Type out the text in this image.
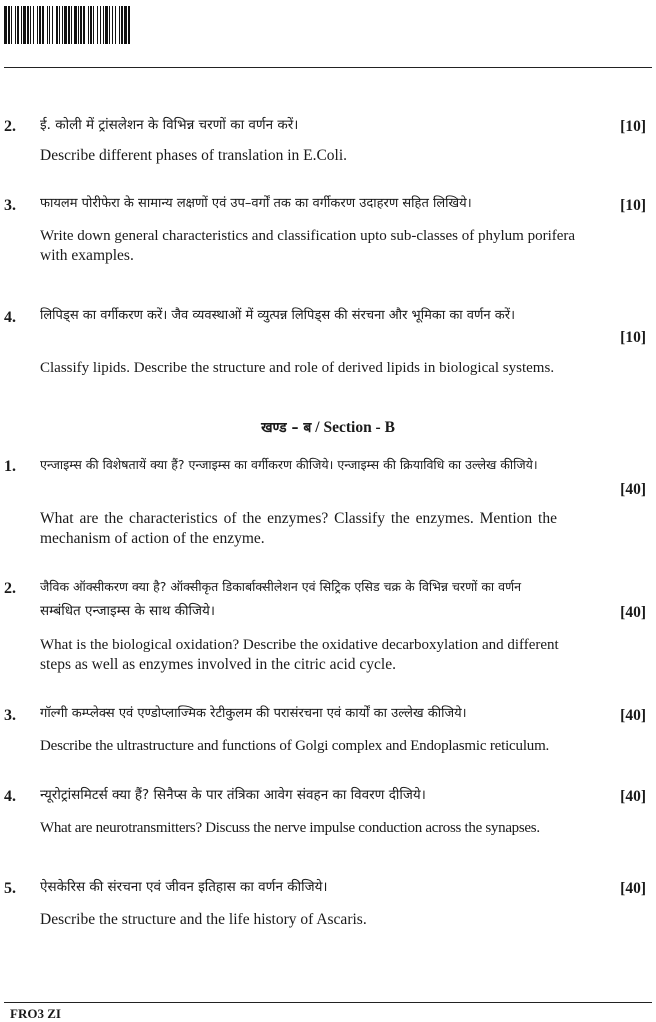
2. ई. कोली में ट्रांसलेशन के विभिन्न चरणों का वर्णन करें।	[10]
Describe different phases of translation in E.Coli.
3. फायलम पोरीफेरा के सामान्य लक्षणों एवं उप–वर्गों तक का वर्गीकरण उदाहरण सहित लिखिये।	[10]
Write down general characteristics and classification upto sub-classes of phylum porifera
with examples.
4. लिपिड्स का वर्गीकरण करें। जैव व्यवस्थाओं में व्युत्पन्न लिपिड्स की संरचना और भूमिका का वर्णन करें।
[10]
Classify lipids. Describe the structure and role of derived lipids in biological systems.
खण्ड – ब / Section - B
1. एन्जाइम्स की विशेषतायें क्या हैं? एन्जाइम्स का वर्गीकरण कीजिये। एन्जाइम्स की क्रियाविधि का उल्लेख कीजिये।
[40]
What are the characteristics of the enzymes? Classify the enzymes. Mention the
mechanism of action of the enzyme.
2. जैविक ऑक्सीकरण क्या है? ऑक्सीकृत डिकार्बाक्सीलेशन एवं सिट्रिक एसिड चक्र के विभिन्न चरणों का वर्णन
सम्बंधित एन्जाइम्स के साथ कीजिये।	[40]
What is the biological oxidation? Describe the oxidative decarboxylation and different
steps as well as enzymes involved in the citric acid cycle.
3. गॉल्गी कम्प्लेक्स एवं एण्डोप्लाज्मिक रेटीकुलम की परासंरचना एवं कार्यों का उल्लेख कीजिये।	[40]
Describe the ultrastructure and functions of Golgi complex and Endoplasmic reticulum.
4. न्यूरोट्रांसमिटर्स क्या हैं? सिनैप्स के पार तंत्रिका आवेग संवहन का विवरण दीजिये।	[40]
What are neurotransmitters? Discuss the nerve impulse conduction across the synapses.
5. ऐसकेरिस की संरचना एवं जीवन इतिहास का वर्णन कीजिये।	[40]
Describe the structure and the life history of Ascaris.
FRO3 ZI
